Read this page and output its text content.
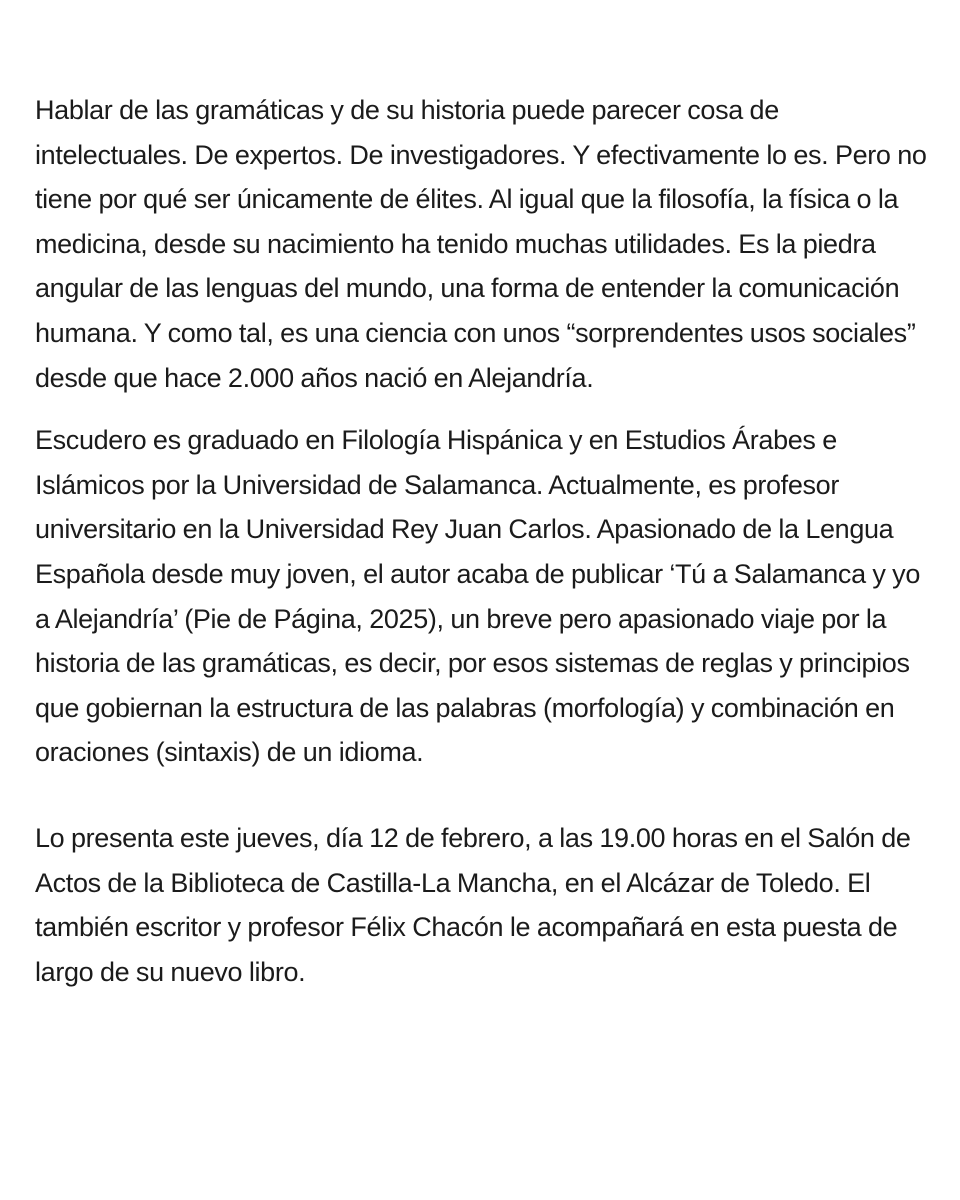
Hablar de las gramáticas y de su historia puede parecer cosa de intelectuales. De expertos. De investigadores. Y efectivamente lo es. Pero no tiene por qué ser únicamente de élites. Al igual que la filosofía, la física o la medicina, desde su nacimiento ha tenido muchas utilidades. Es la piedra angular de las lenguas del mundo, una forma de entender la comunicación humana. Y como tal, es una ciencia con unos “sorprendentes usos sociales” desde que hace 2.000 años nació en Alejandría.

Escudero es graduado en Filología Hispánica y en Estudios Árabes e Islámicos por la Universidad de Salamanca. Actualmente, es profesor universitario en la Universidad Rey Juan Carlos. Apasionado de la Lengua Española desde muy joven, el autor acaba de publicar ‘Tú a Salamanca y yo a Alejandría’ (Pie de Página, 2025), un breve pero apasionado viaje por la historia de las gramáticas, es decir, por esos sistemas de reglas y principios que gobiernan la estructura de las palabras (morfología) y combinación en oraciones (sintaxis) de un idioma.

Lo presenta este jueves, día 12 de febrero, a las 19.00 horas en el Salón de Actos de la Biblioteca de Castilla-La Mancha, en el Alcázar de Toledo. El también escritor y profesor Félix Chacón le acompañará en esta puesta de largo de su nuevo libro.
